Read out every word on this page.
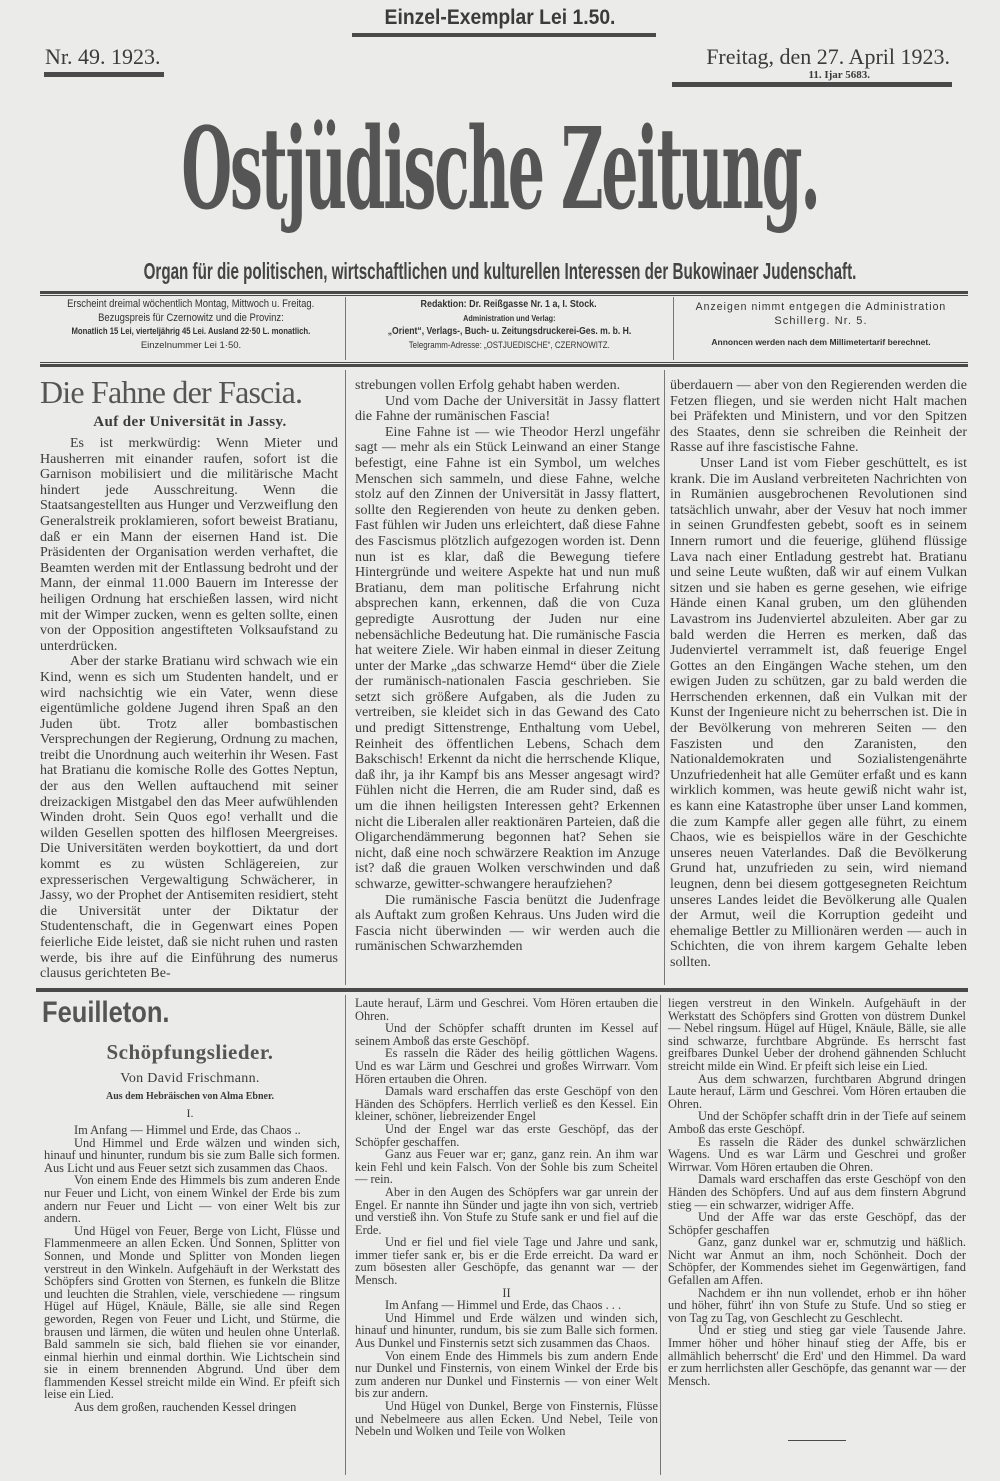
Einzel-Exemplar Lei 1.50.
Nr. 49. 1923.	Freitag, den 27. April 1923.
11. Ijar 5683.
Ostjüdische Zeitung.
Organ für die politischen, wirtschaftlichen und kulturellen Interessen der Bukowinaer Judenschaft.
Erscheint dreimal wöchentlich Montag, Mittwoch u. Freitag.
Bezugspreis für Czernowitz und die Provinz:
Monatlich 15 Lei, vierteljährig 45 Lei. Ausland 22·50 L. monatlich.
Einzelnummer Lei 1·50.
Redaktion: Dr. Reißgasse Nr. 1 a, I. Stock.
Administration und Verlag:
„Orient“, Verlags-, Buch- u. Zeitungsdruckerei-Ges. m. b. H.
Telegramm-Adresse: „OSTJUEDISCHE“, CZERNOWITZ.
Anzeigen nimmt entgegen die Administration
Schillerg. Nr. 5.
Annoncen werden nach dem Millimetertarif berechnet.
Die Fahne der Fascia.
Auf der Universität in Jassy.

Es ist merkwürdig: Wenn Mieter und Hausherren mit einander raufen, sofort ist die Garnison mobilisiert und die militärische Macht hindert jede Ausschreitung. Wenn die Staatsangestellten aus Hunger und Verzweiflung den Generalstreik proklamieren, sofort beweist Bratianu, daß er ein Mann der eisernen Hand ist. Die Präsidenten der Organisation werden verhaftet, die Beamten werden mit der Entlassung bedroht und der Mann, der einmal 11.000 Bauern im Interesse der heiligen Ordnung hat erschießen lassen, wird nicht mit der Wimper zucken, wenn es gelten sollte, einen von der Opposition angestifteten Volksaufstand zu unterdrücken.

Aber der starke Bratianu wird schwach wie ein Kind, wenn es sich um Studenten handelt, und er wird nachsichtig wie ein Vater, wenn diese eigentümliche goldene Jugend ihren Spaß an den Juden übt. Trotz aller bombastischen Versprechungen der Regierung, Ordnung zu machen, treibt die Unordnung auch weiterhin ihr Wesen. Fast hat Bratianu die komische Rolle des Gottes Neptun, der aus den Wellen auftauchend mit seiner dreizackigen Mistgabel den das Meer aufwühlenden Winden droht. Sein Quos ego! verhallt und die wilden Gesellen spotten des hilflosen Meergreises. Die Universitäten werden boykottiert, da und dort kommt es zu wüsten Schlägereien, zur expresserischen Vergewaltigung Schwächerer, in Jassy, wo der Prophet der Antisemiten residiert, steht die Universität unter der Diktatur der Studentenschaft, die in Gegenwart eines Popen feierliche Eide leistet, daß sie nicht ruhen und rasten werde, bis ihre auf die Einführung des numerus clausus gerichteten Be-

strebungen vollen Erfolg gehabt haben werden.

Und vom Dache der Universität in Jassy flattert die Fahne der rumänischen Fascia!

Eine Fahne ist — wie Theodor Herzl ungefähr sagt — mehr als ein Stück Leinwand an einer Stange befestigt, eine Fahne ist ein Symbol, um welches Menschen sich sammeln, und diese Fahne, welche stolz auf den Zinnen der Universität in Jassy flattert, sollte den Regierenden von heute zu denken geben. Fast fühlen wir Juden uns erleichtert, daß diese Fahne des Fascismus plötzlich aufgezogen worden ist. Denn nun ist es klar, daß die Bewegung tiefere Hintergründe und weitere Aspekte hat und nun muß Bratianu, dem man politische Erfahrung nicht absprechen kann, erkennen, daß die von Cuza gepredigte Ausrottung der Juden nur eine nebensächliche Bedeutung hat. Die rumänische Fascia hat weitere Ziele. Wir haben einmal in dieser Zeitung unter der Marke „das schwarze Hemd“ über die Ziele der rumänisch-nationalen Fascia geschrieben. Sie setzt sich größere Aufgaben, als die Juden zu vertreiben, sie kleidet sich in das Gewand des Cato und predigt Sittenstrenge, Enthaltung vom Uebel, Reinheit des öffentlichen Lebens, Schach dem Bakschisch! Erkennt da nicht die herrschende Klique, daß ihr, ja ihr Kampf bis ans Messer angesagt wird? Fühlen nicht die Herren, die am Ruder sind, daß es um die ihnen heiligsten Interessen geht? Erkennen nicht die Liberalen aller reaktionären Parteien, daß die Oligarchendämmerung begonnen hat? Sehen sie nicht, daß eine noch schwärzere Reaktion im Anzuge ist? daß die grauen Wolken verschwinden und daß schwarze, gewitter-schwangere heraufziehen?

Die rumänische Fascia benützt die Judenfrage als Auftakt zum großen Kehraus. Uns Juden wird die Fascia nicht überwinden — wir werden auch die rumänischen Schwarzhemden

überdauern — aber von den Regierenden werden die Fetzen fliegen, und sie werden nicht Halt machen bei Präfekten und Ministern, und vor den Spitzen des Staates, denn sie schreiben die Reinheit der Rasse auf ihre fascistische Fahne.

Unser Land ist vom Fieber geschüttelt, es ist krank. Die im Ausland verbreiteten Nachrichten von in Rumänien ausgebrochenen Revolutionen sind tatsächlich unwahr, aber der Vesuv hat noch immer in seinen Grundfesten gebebt, sooft es in seinem Innern rumort und die feuerige, glühend flüssige Lava nach einer Entladung gestrebt hat. Bratianu und seine Leute wußten, daß wir auf einem Vulkan sitzen und sie haben es gerne gesehen, wie eifrige Hände einen Kanal gruben, um den glühenden Lavastrom ins Judenviertel abzuleiten. Aber gar zu bald werden die Herren es merken, daß das Judenviertel verrammelt ist, daß feuerige Engel Gottes an den Eingängen Wache stehen, um den ewigen Juden zu schützen, gar zu bald werden die Herrschenden erkennen, daß ein Vulkan mit der Kunst der Ingenieure nicht zu beherrschen ist. Die in der Bevölkerung von mehreren Seiten — den Faszisten und den Zaranisten, den Nationaldemokraten und Sozialistengenährte Unzufriedenheit hat alle Gemüter erfaßt und es kann wirklich kommen, was heute gewiß nicht wahr ist, es kann eine Katastrophe über unser Land kommen, die zum Kampfe aller gegen alle führt, zu einem Chaos, wie es beispiellos wäre in der Geschichte unseres neuen Vaterlandes. Daß die Bevölkerung Grund hat, unzufrieden zu sein, wird niemand leugnen, denn bei diesem gottgesegneten Reichtum unseres Landes leidet die Bevölkerung alle Qualen der Armut, weil die Korruption gedeiht und ehemalige Bettler zu Millionären werden — auch in Schichten, die von ihrem kargem Gehalte leben sollten.

Feuilleton.
Schöpfungslieder.
Von David Frischmann.
Aus dem Hebräischen von Alma Ebner.
I.

Im Anfang — Himmel und Erde, das Chaos ..

Und Himmel und Erde wälzen und winden sich, hinauf und hinunter, rundum bis sie zum Balle sich formen. Aus Licht und aus Feuer setzt sich zusammen das Chaos.

Von einem Ende des Himmels bis zum anderen Ende nur Feuer und Licht, von einem Winkel der Erde bis zum andern nur Feuer und Licht — von einer Welt bis zur andern.

Und Hügel von Feuer, Berge von Licht, Flüsse und Flammenmeere an allen Ecken. Und Sonnen, Splitter von Sonnen, und Monde und Splitter von Monden liegen verstreut in den Winkeln. Aufgehäuft in der Werkstatt des Schöpfers sind Grotten von Sternen, es funkeln die Blitze und leuchten die Strahlen, viele, verschiedene — ringsum Hügel auf Hügel, Knäule, Bälle, sie alle sind Regen geworden, Regen von Feuer und Licht, und Stürme, die brausen und lärmen, die wüten und heulen ohne Unterlaß. Bald sammeln sie sich, bald fliehen sie vor einander, einmal hierhin und einmal dorthin. Wie Lichtschein sind sie in einem brennenden Abgrund. Und über dem flammenden Kessel streicht milde ein Wind. Er pfeift sich leise ein Lied.

Aus dem großen, rauchenden Kessel dringen

Laute herauf, Lärm und Geschrei. Vom Hören ertauben die Ohren.

Und der Schöpfer schafft drunten im Kessel auf seinem Amboß das erste Geschöpf.

Es rasseln die Räder des heilig göttlichen Wagens. Und es war Lärm und Geschrei und großes Wirrwarr. Vom Hören ertauben die Ohren.

Damals ward erschaffen das erste Geschöpf von den Händen des Schöpfers. Herrlich verließ es den Kessel. Ein kleiner, schöner, liebreizender Engel

Und der Engel war das erste Geschöpf, das der Schöpfer geschaffen.

Ganz aus Feuer war er; ganz, ganz rein. An ihm war kein Fehl und kein Falsch. Von der Sohle bis zum Scheitel — rein.

Aber in den Augen des Schöpfers war gar unrein der Engel. Er nannte ihn Sünder und jagte ihn von sich, vertrieb und verstieß ihn. Von Stufe zu Stufe sank er und fiel auf die Erde.

Und er fiel und fiel viele Tage und Jahre und sank, immer tiefer sank er, bis er die Erde erreicht. Da ward er zum bösesten aller Geschöpfe, das genannt war — der Mensch.

II

Im Anfang — Himmel und Erde, das Chaos . . .

Und Himmel und Erde wälzen und winden sich, hinauf und hinunter, rundum, bis sie zum Balle sich formen. Aus Dunkel und Finsternis setzt sich zusammen das Chaos.

Von einem Ende des Himmels bis zum andern Ende nur Dunkel und Finsternis, von einem Winkel der Erde bis zum anderen nur Dunkel und Finsternis — von einer Welt bis zur andern.

Und Hügel von Dunkel, Berge von Finsternis, Flüsse und Nebelmeere aus allen Ecken. Und Nebel, Teile von Nebeln und Wolken und Teile von Wolken

liegen verstreut in den Winkeln. Aufgehäuft in der Werkstatt des Schöpfers sind Grotten von düstrem Dunkel — Nebel ringsum. Hügel auf Hügel, Knäule, Bälle, sie alle sind schwarze, furchtbare Abgründe. Es herrscht fast greifbares Dunkel Ueber der drohend gähnenden Schlucht streicht milde ein Wind. Er pfeift sich leise ein Lied.

Aus dem schwarzen, furchtbaren Abgrund dringen Laute herauf, Lärm und Geschrei. Vom Hören ertauben die Ohren.

Und der Schöpfer schafft drin in der Tiefe auf seinem Amboß das erste Geschöpf.

Es rasseln die Räder des dunkel schwärzlichen Wagens. Und es war Lärm und Geschrei und großer Wirrwar. Vom Hören ertauben die Ohren.

Damals ward erschaffen das erste Geschöpf von den Händen des Schöpfers. Und auf aus dem finstern Abgrund stieg — ein schwarzer, widriger Affe.

Und der Affe war das erste Geschöpf, das der Schöpfer geschaffen

Ganz, ganz dunkel war er, schmutzig und häßlich. Nicht war Anmut an ihm, noch Schönheit. Doch der Schöpfer, der Kommendes siehet im Gegenwärtigen, fand Gefallen am Affen.

Nachdem er ihn nun vollendet, erhob er ihn höher und höher, führt' ihn von Stufe zu Stufe. Und so stieg er von Tag zu Tag, von Geschlecht zu Geschlecht.

Und er stieg und stieg gar viele Tausende Jahre. Immer höher und höher hinauf stieg der Affe, bis er allmählich beherrscht' die Erd' und den Himmel. Da ward er zum herrlichsten aller Geschöpfe, das genannt war — der Mensch.
